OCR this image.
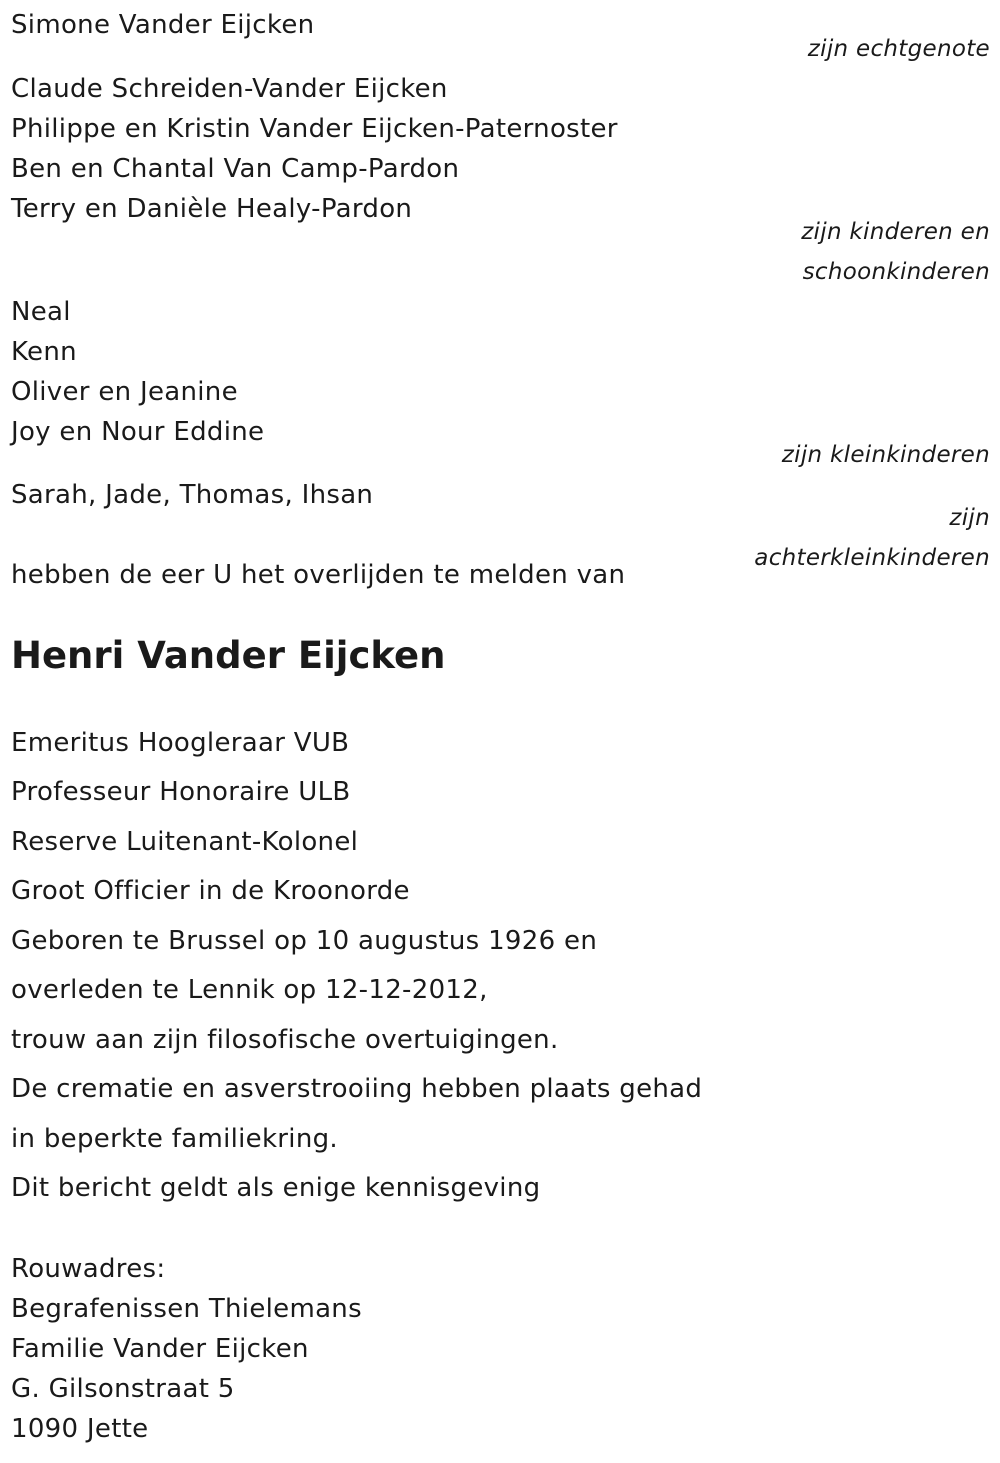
Simone Vander Eijcken
zijn echtgenote
Claude Schreiden-Vander Eijcken
Philippe en Kristin Vander Eijcken-Paternoster
Ben en Chantal Van Camp-Pardon
Terry en Danièle Healy-Pardon
zijn kinderen en
schoonkinderen
Neal
Kenn
Oliver en Jeanine
Joy en Nour Eddine
zijn kleinkinderen
Sarah, Jade, Thomas, Ihsan
zijn
achterkleinkinderen
hebben de eer U het overlijden te melden van
Henri Vander Eijcken
Emeritus Hoogleraar VUB
Professeur Honoraire ULB
Reserve Luitenant-Kolonel
Groot Officier in de Kroonorde
Geboren te Brussel op 10 augustus 1926 en
overleden te Lennik op 12-12-2012,
trouw aan zijn filosofische overtuigingen.
De crematie en asverstrooiing hebben plaats gehad
in beperkte familiekring.
Dit bericht geldt als enige kennisgeving
Rouwadres:
Begrafenissen Thielemans
Familie Vander Eijcken
G. Gilsonstraat 5
1090 Jette
